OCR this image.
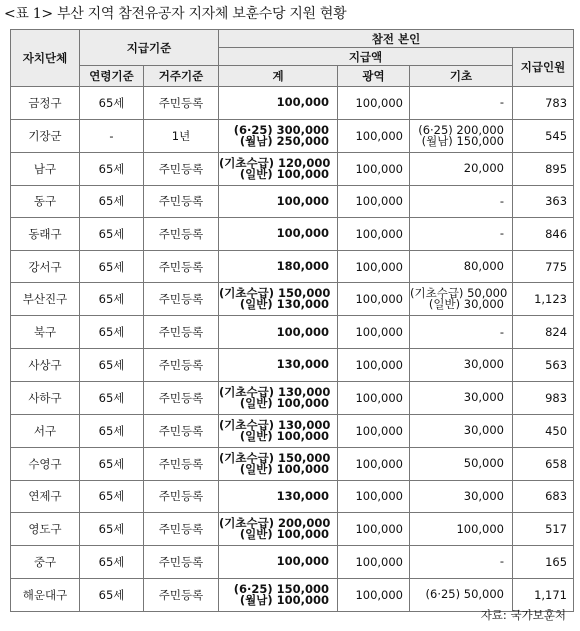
<표 1> 부산 지역 참전유공자 지자체 보훈수당 지원 현황
자치단체	지급기준		참전 본인			
			지급액			지급인원
	연령기준	거주기준	계	광역	기초	
금정구	65세	주민등록	100,000	100,000	-	783
기장군	-	1년	(6·25) 300,000
(월남) 250,000	100,000	(6·25) 200,000
(월남) 150,000	545
남구	65세	주민등록	(기초수급) 120,000
(일반) 100,000	100,000	20,000	895
동구	65세	주민등록	100,000	100,000	-	363
동래구	65세	주민등록	100,000	100,000	-	846
강서구	65세	주민등록	180,000	100,000	80,000	775
부산진구	65세	주민등록	(기초수급) 150,000
(일반) 130,000	100,000	(기초수급) 50,000
(일반) 30,000	1,123
북구	65세	주민등록	100,000	100,000	-	824
사상구	65세	주민등록	130,000	100,000	30,000	563
사하구	65세	주민등록	(기초수급) 130,000
(일반) 100,000	100,000	30,000	983
서구	65세	주민등록	(기초수급) 130,000
(일반) 100,000	100,000	30,000	450
수영구	65세	주민등록	(기초수급) 150,000
(일반) 100,000	100,000	50,000	658
연제구	65세	주민등록	130,000	100,000	30,000	683
영도구	65세	주민등록	(기초수급) 200,000
(일반) 100,000	100,000	100,000	517
중구	65세	주민등록	100,000	100,000	-	165
해운대구	65세	주민등록	(6·25) 150,000
(월남) 100,000	100,000	(6·25) 50,000	1,171
자료: 국가보훈처
